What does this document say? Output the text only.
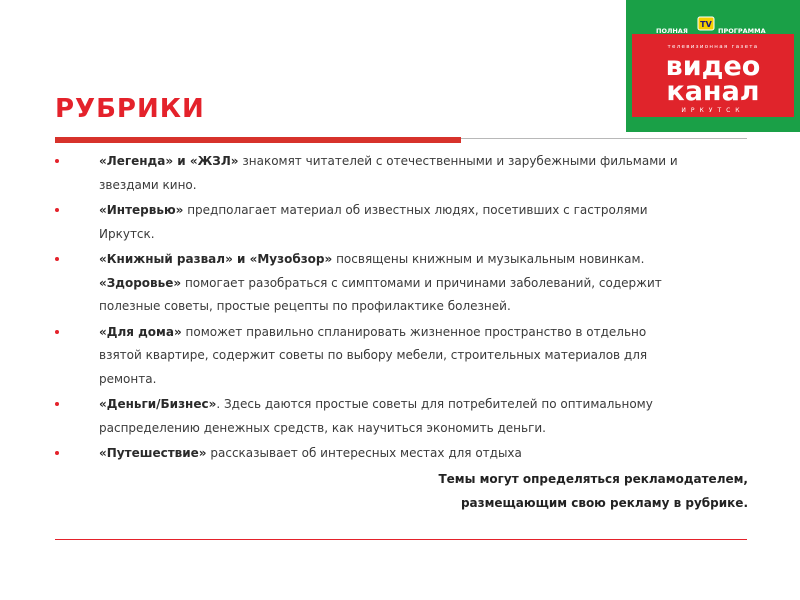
TV
ПОЛНАЯ	ПРОГРАММА
телевизионная газета
видео
канал
ИРКУТСК
РУБРИКИ

«Легенда» и «ЖЗЛ» знакомят читателей с отечественными и зарубежными фильмами и

звездами кино.

«Интервью» предполагает материал об известных людях, посетивших с гастролями

Иркутск.

«Книжный развал» и «Музобзор» посвящены книжным и музыкальным новинкам.

«Здоровье» помогает разобраться с симптомами и причинами заболеваний, содержит

полезные советы, простые рецепты по профилактике болезней.

«Для дома» поможет правильно спланировать жизненное пространство в отдельно

взятой квартире, содержит советы по выбору мебели, строительных материалов для

ремонта.

«Деньги/Бизнес». Здесь даются простые советы для потребителей по оптимальному

распределению денежных средств, как научиться экономить деньги.

«Путешествие» рассказывает об интересных местах для отдыха

Темы могут определяться рекламодателем,
размещающим свою рекламу в рубрике.
